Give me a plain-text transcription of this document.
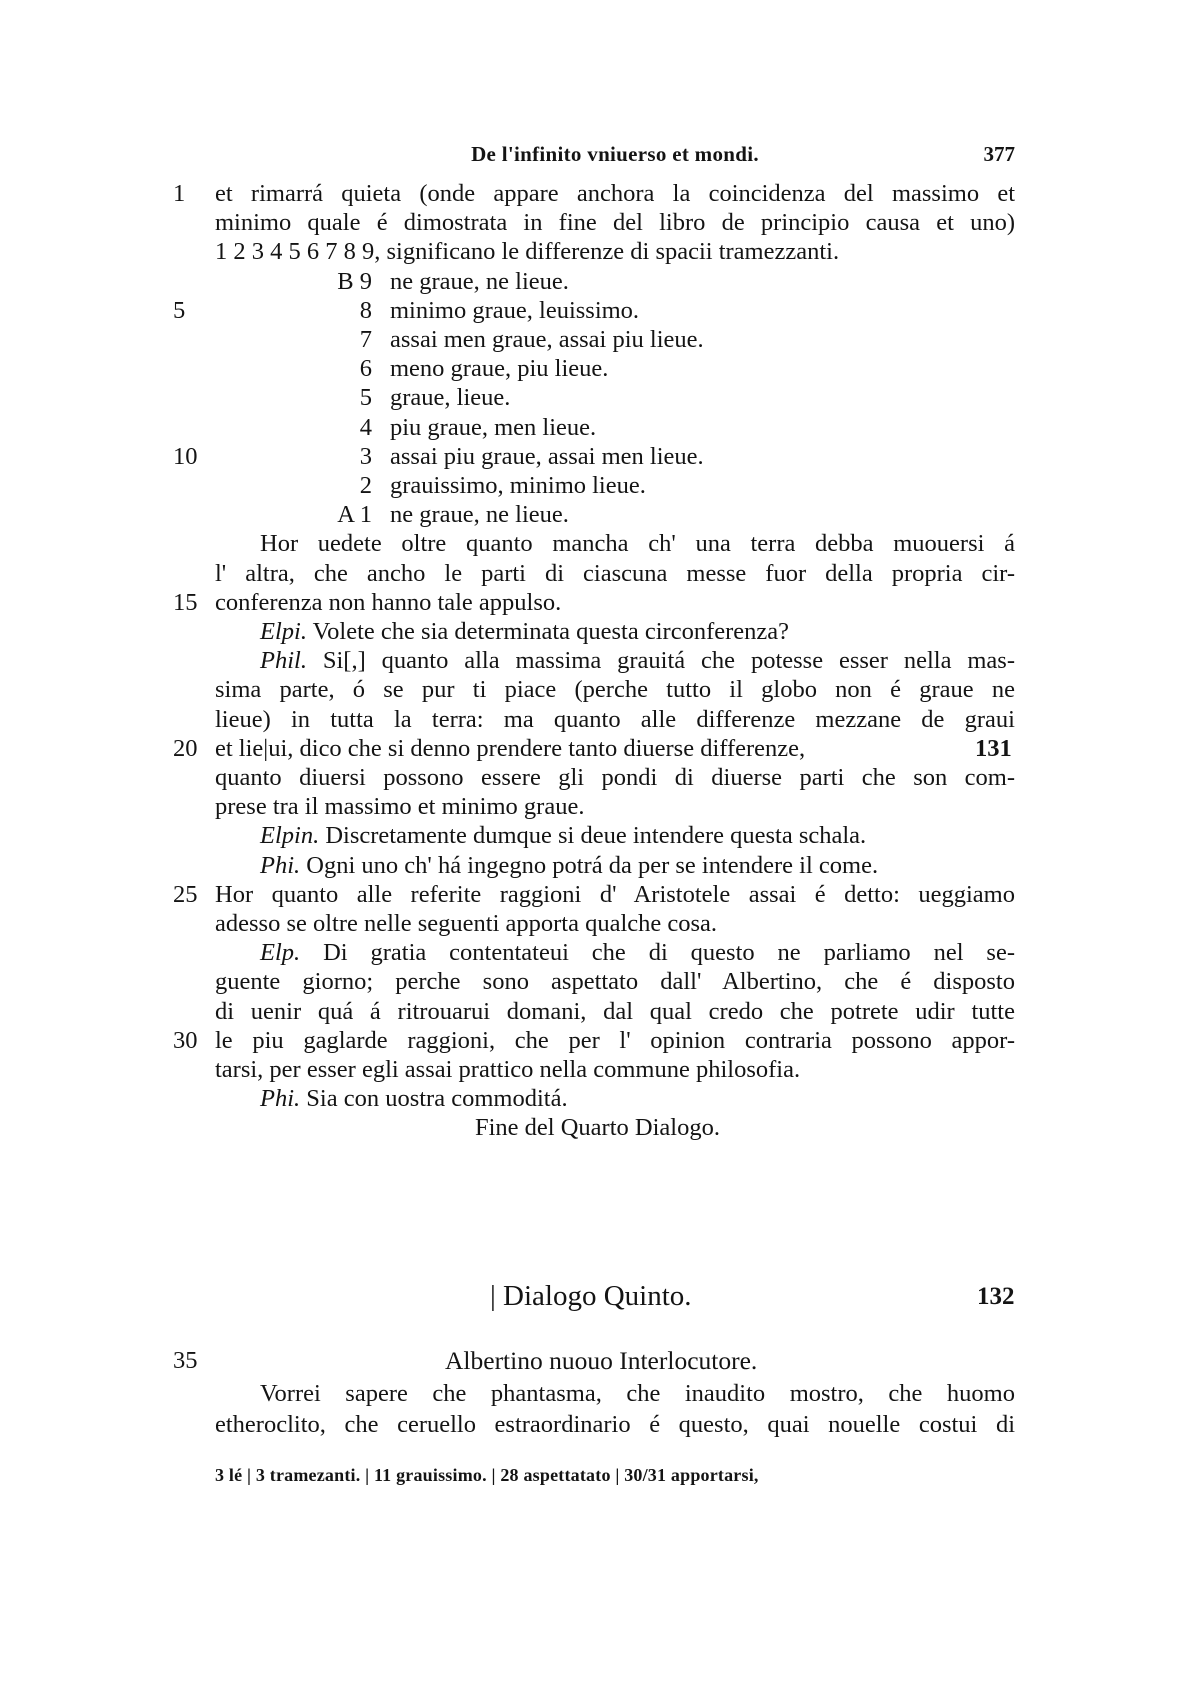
De l'infinito vniuerso et mondi.	377
1	et rimarrá quieta (onde appare anchora la coincidenza del massimo et
minimo quale é dimostrata in fine del libro de principio causa et uno)
1 2 3 4 5 6 7 8 9, significano le differenze di spacii tramezzanti.
B 9 ne graue, ne lieue.
5	8 minimo graue, leuissimo.
7 assai men graue, assai piu lieue.
6 meno graue, piu lieue.
5 graue, lieue.
4 piu graue, men lieue.
10	3 assai piu graue, assai men lieue.
2 grauissimo, minimo lieue.
A 1 ne graue, ne lieue.
Hor uedete oltre quanto mancha ch' una terra debba muouersi á
l' altra, che ancho le parti di ciascuna messe fuor della propria cir-
15 conferenza non hanno tale appulso.
Elpi. Volete che sia determinata questa circonferenza?
Phil. Si[,] quanto alla massima grauitá che potesse esser nella mas-
sima parte, ó se pur ti piace (perche tutto il globo non é graue ne
lieue) in tutta la terra: ma quanto alle differenze mezzane de graui
20 et lie|ui, dico che si denno prendere tanto diuerse differenze,	131
quanto diuersi possono essere gli pondi di diuerse parti che son com-
prese tra il massimo et minimo graue.
Elpin. Discretamente dumque si deue intendere questa schala.
Phi. Ogni uno ch' há ingegno potrá da per se intendere il come.
25 Hor quanto alle referite raggioni d' Aristotele assai é detto: ueggiamo
adesso se oltre nelle seguenti apporta qualche cosa.
Elp. Di gratia contentateui che di questo ne parliamo nel se-
guente giorno; perche sono aspettato dall' Albertino, che é disposto
di uenir quá á ritrouarui domani, dal qual credo che potrete udir tutte
30 le piu gaglarde raggioni, che per l' opinion contraria possono appor-
tarsi, per esser egli assai prattico nella commune philosofia.
Phi. Sia con uostra commoditá.
Fine del Quarto Dialogo.
| Dialogo Quinto.	132
35	Albertino nuouo Interlocutore.
Vorrei sapere che phantasma, che inaudito mostro, che huomo
etheroclito, che ceruello estraordinario é questo, quai nouelle costui di
3 lé | 3 tramezanti. | 11 grauissimo. | 28 aspettatato | 30/31 apportarsi,
